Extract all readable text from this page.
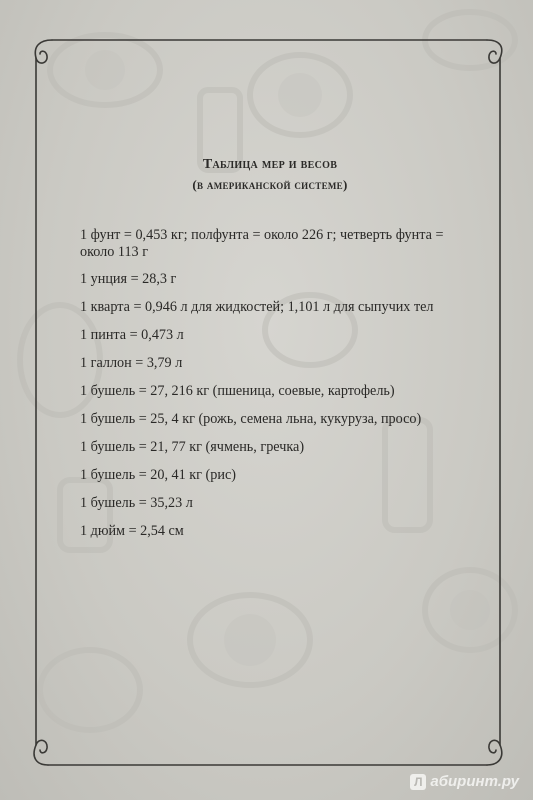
Таблица мер и весов
(в американской системе)
1 фунт = 0,453 кг; полфунта = около 226 г; четверть фунта = около 113 г
1 унция = 28,3 г
1 кварта = 0,946 л для жидкостей; 1,101 л для сыпучих тел
1 пинта = 0,473 л
1 галлон = 3,79 л
1 бушель = 27, 216 кг (пшеница, соевые, картофель)
1 бушель = 25, 4 кг (рожь, семена льна, кукуруза, просо)
1 бушель = 21, 77 кг (ячмень, гречка)
1 бушель = 20, 41 кг (рис)
1 бушель = 35,23 л
1 дюйм = 2,54 см
Л абиринт.ру
